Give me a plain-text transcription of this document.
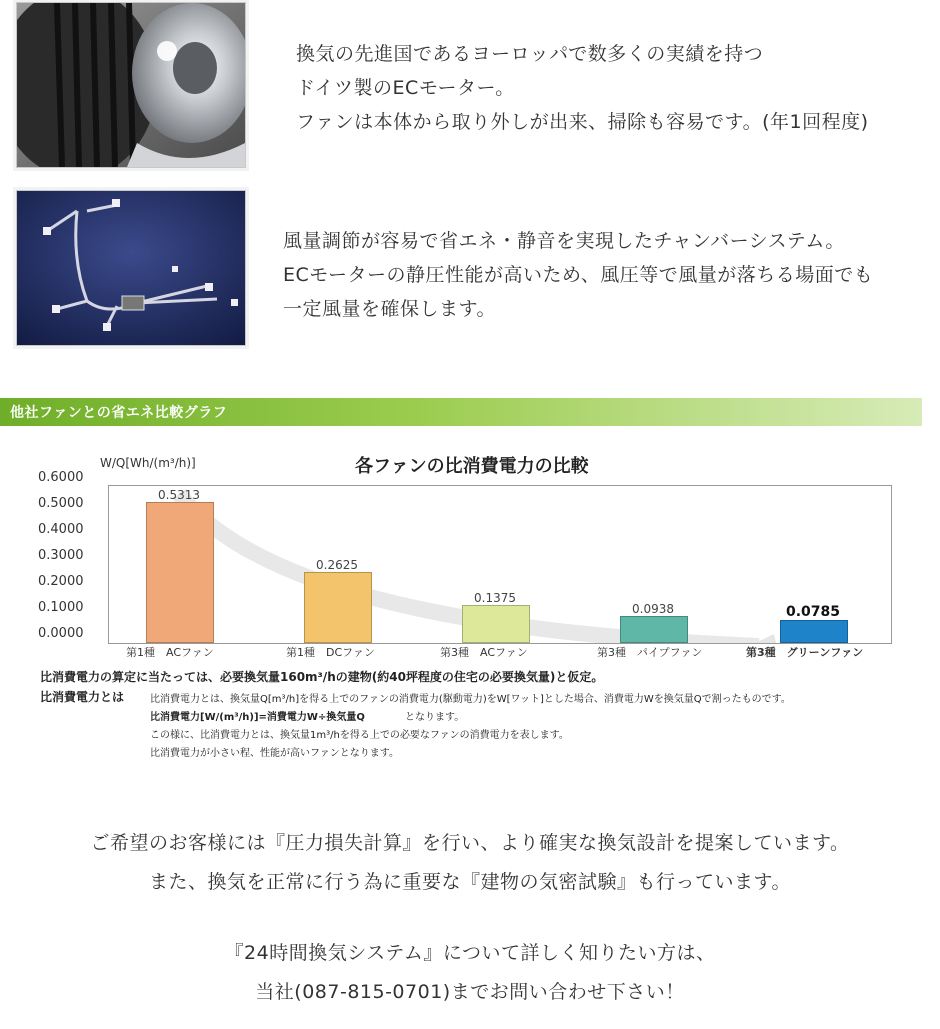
換気の先進国であるヨーロッパで数多くの実績を持つ
ドイツ製のECモーター。
ファンは本体から取り外しが出来、掃除も容易です。(年1回程度)
風量調節が容易で省エネ・静音を実現したチャンバーシステム。
ECモーターの静圧性能が高いため、風圧等で風量が落ちる場面でも
一定風量を確保します。
他社ファンとの省エネ比較グラフ
各ファンの比消費電力の比較
W/Q[Wh/(m³/h)]
0.6000
0.5000
0.4000
0.3000
0.2000
0.1000
0.0000
0.5313
0.2625
0.1375
0.0938	0.0785
第1種　ACファン	第1種　DCファン	第3種　ACファン	第3種　パイプファン	第3種　グリーンファン
比消費電力の算定に当たっては、必要換気量160m³/hの建物(約40坪程度の住宅の必要換気量)と仮定。
比消費電力とは	比消費電力とは、換気量Q[m³/h]を得る上でのファンの消費電力(駆動電力)をW[ワット]とした場合、消費電力Wを換気量Qで割ったものです。
比消費電力[W/(m³/h)]=消費電力W÷換気量Q	となります。
この様に、比消費電力とは、換気量1m³/hを得る上での必要なファンの消費電力を表します。
比消費電力が小さい程、性能が高いファンとなります。
ご希望のお客様には『圧力損失計算』を行い、より確実な換気設計を提案しています。
また、換気を正常に行う為に重要な『建物の気密試験』も行っています。
『24時間換気システム』について詳しく知りたい方は、
当社(087-815-0701)までお問い合わせ下さい！
